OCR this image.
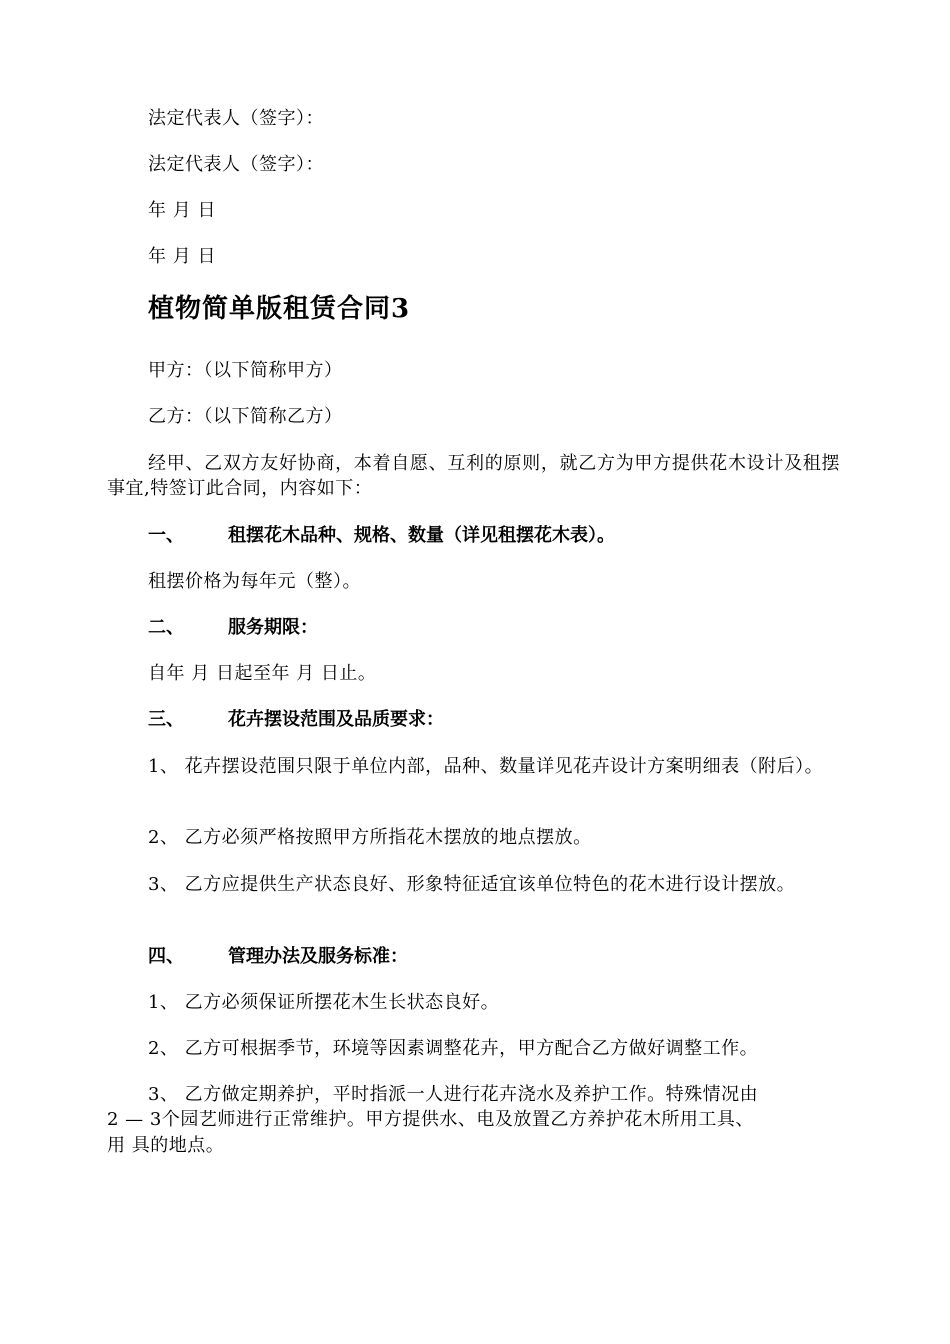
法定代表人（签字）：
法定代表人（签字）：
年 月 日
年 月 日
植物简单版租赁合同3
甲方：（以下简称甲方）
乙方：（以下简称乙方）
经甲、乙双方友好协商，本着自愿、互利的原则，就乙方为甲方提供花木设计及租摆事宜,特签订此合同，内容如下：
一、 租摆花木品种、规格、数量（详见租摆花木表）。
租摆价格为每年元（整）。
二、 服务期限：
自年 月 日起至年 月 日止。
三、 花卉摆设范围及品质要求：
1、 花卉摆设范围只限于单位内部，品种、数量详见花卉设计方案明细表（附后）。
2、 乙方必须严格按照甲方所指花木摆放的地点摆放。
3、 乙方应提供生产状态良好、形象特征适宜该单位特色的花木进行设计摆放。
四、 管理办法及服务标准：
1、 乙方必须保证所摆花木生长状态良好。
2、 乙方可根据季节，环境等因素调整花卉，甲方配合乙方做好调整工作。
3、 乙方做定期养护，平时指派一人进行花卉浇水及养护工作。特殊情况由
2 — 3个园艺师进行正常维护。甲方提供水、电及放置乙方养护花木所用工具、
用 具的地点。
